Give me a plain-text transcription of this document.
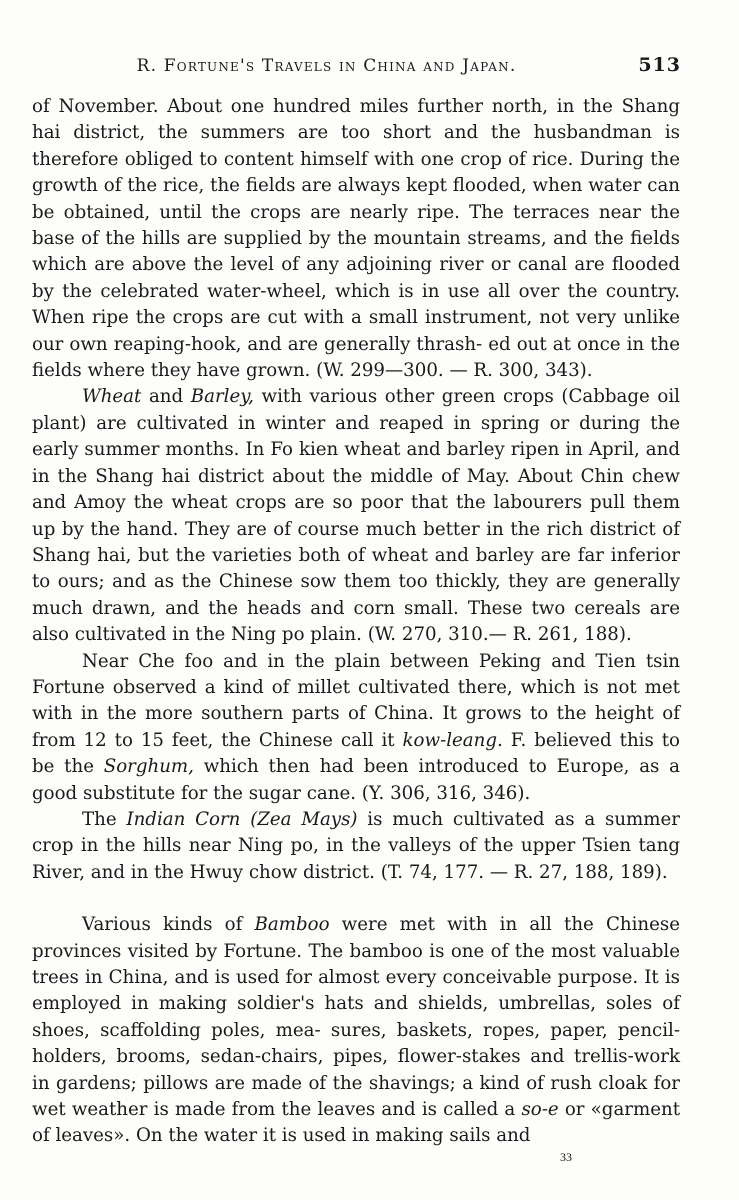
R. Fortune's Travels in China and Japan.	513

of November. About one hundred miles further north, in the Shang hai district, the summers are too short and the husbandman is therefore obliged to content himself with one crop of rice. During the growth of the rice, the fields are always kept flooded, when water can be obtained, until the crops are nearly ripe. The terraces near the base of the hills are supplied by the mountain streams, and the fields which are above the level of any adjoining river or canal are flooded by the celebrated water-wheel, which is in use all over the country. When ripe the crops are cut with a small instrument, not very unlike our own reaping-hook, and are generally thrash- ed out at once in the fields where they have grown. (W. 299—300. — R. 300, 343).

Wheat and Barley, with various other green crops (Cabbage oil plant) are cultivated in winter and reaped in spring or during the early summer months. In Fo kien wheat and barley ripen in April, and in the Shang hai district about the middle of May. About Chin chew and Amoy the wheat crops are so poor that the labourers pull them up by the hand. They are of course much better in the rich district of Shang hai, but the varieties both of wheat and barley are far inferior to ours; and as the Chinese sow them too thickly, they are generally much drawn, and the heads and corn small. These two cereals are also cultivated in the Ning po plain. (W. 270, 310.— R. 261, 188).

Near Che foo and in the plain between Peking and Tien tsin Fortune observed a kind of millet cultivated there, which is not met with in the more southern parts of China. It grows to the height of from 12 to 15 feet, the Chinese call it kow-leang. F. believed this to be the Sorghum, which then had been introduced to Europe, as a good substitute for the sugar cane. (Y. 306, 316, 346).

The Indian Corn (Zea Mays) is much cultivated as a summer crop in the hills near Ning po, in the valleys of the upper Tsien tang River, and in the Hwuy chow district. (T. 74, 177. — R. 27, 188, 189).

Various kinds of Bamboo were met with in all the Chinese provinces visited by Fortune. The bamboo is one of the most valuable trees in China, and is used for almost every conceivable purpose. It is employed in making soldier's hats and shields, umbrellas, soles of shoes, scaffolding poles, mea- sures, baskets, ropes, paper, pencil-holders, brooms, sedan-chairs, pipes, flower-stakes and trellis-work in gardens; pillows are made of the shavings; a kind of rush cloak for wet weather is made from the leaves and is called a so-e or «garment of leaves». On the water it is used in making sails and

33
